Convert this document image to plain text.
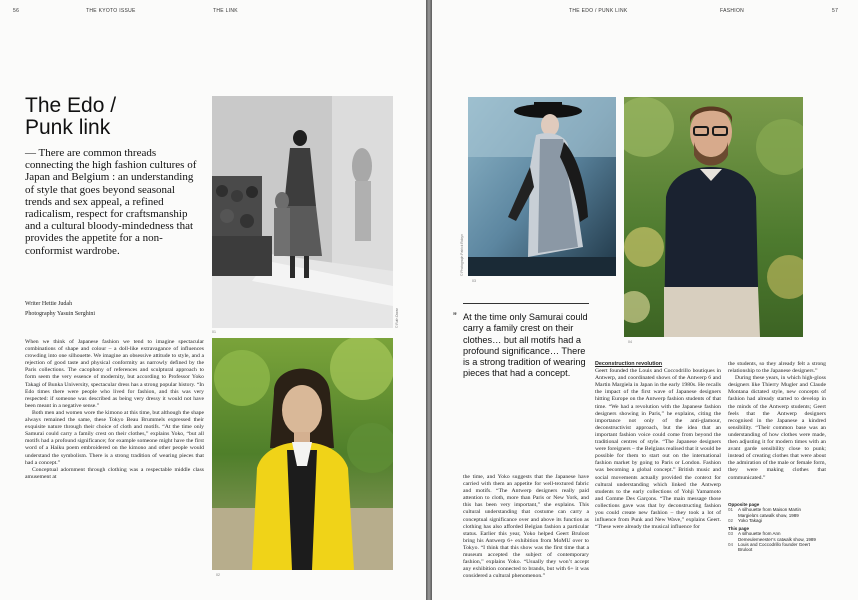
56	THE KYOTO ISSUE	THE LINK
The Edo /
Punk link
— There are common threads connecting the high fashion cultures of Japan and Belgium : an understanding of style that goes beyond seasonal trends and sex appeal, a refined radicalism, respect for craftsmanship and a cultural bloody-mindedness that provides the appetite for a non-conformist wardrobe.
Writer Hettie Judah
Photography Yasuin Serghini

When we think of Japanese fashion we tend to imagine spectacular combinations of shape and colour – a doll-like extravagance of influences crowding into one silhouette. We imagine an obsessive attitude to style, and a rejection of good taste and physical conformity as narrowly defined by the Paris collections. The cacophony of references and sculptural approach to form seem the very essence of modernity, but according to Professor Yoko Takagi of Bunka University, spectacular dress has a strong popular history. “In Edo times there were people who lived for fashion, and this was very respected: if someone was described as being very dressy it would not have been meant in a negative sense.”

Both men and women wore the kimono at this time, but although the shape always remained the same, these Tokyo Beau Brummels expressed their exquisite nature through their choice of cloth and motifs. “At the time only Samurai could carry a family crest on their clothes,” explains Yoko, “but all motifs had a profound significance; for example someone might have the first word of a Haiku poem embroidered on the kimono and other people would understand the symbolism. There is a strong tradition of wearing pieces that had a concept.”

Conceptual adornment through clothing was a respectable middle class amusement at

01
© Ruth Doran
02
THE EDO / PUNK LINK	FASHION	57
03
© Photograph Patrick Robyn
04
” At the time only Samurai could carry a family crest on their clothes… but all motifs had a profound significance… There is a strong tradition of wearing pieces that had a concept.

the time, and Yoko suggests that the Japanese have carried with them an appetite for well-textured fabric and motifs. “The Antwerp designers really paid attention to cloth, more than Paris or New York, and this has been very important,” she explains. This cultural understanding that costume can carry a conceptual significance over and above its function as clothing has also afforded Belgian fashion a particular status. Earlier this year, Yoko helped Geert Bruloot bring his Antwerp 6+ exhibition from MoMU over to Tokyo. “I think that this show was the first time that a museum accepted the subject of contemporary fashion,” explains Yoko. “Usually they won’t accept any exhibition connected to brands, but with 6+ it was considered a cultural phenomenon.”

Deconstruction revolution

Geert founded the Louis and Coccodrillo boutiques in Antwerp, and coordinated shows of the Antwerp 6 and Martin Margiela in Japan in the early 1980s. He recalls the impact of the first wave of Japanese designers hitting Europe on the Antwerp fashion students of that time. “We had a revolution with the Japanese fashion designers showing in Paris,” he explains, citing the importance not only of the anti-glamour, deconstructivist approach, but the idea that an important fashion voice could come from beyond the traditional centres of style. “The Japanese designers were foreigners – the Belgians realised that it would be possible for them to start out on the international fashion market by going to Paris or London. Fashion was becoming a global concept.” British music and social movements actually provided the context for cultural understanding which linked the Antwerp students to the early collections of Yohji Yamamoto and Comme Des Garçons. “The main message those collections gave was that by deconstructing fashion you could create new fashion – they took a lot of influence from Punk and New Wave,” explains Geert. “These were already the musical influence for

the students, so they already felt a strong relationship to the Japanese designers.”

During these years, in which high-gloss designers like Thierry Mugler and Claude Montana dictated style, new concepts of fashion had already started to develop in the minds of the Antwerp students; Geert feels that the Antwerp designers recognised in the Japanese a kindred sensibility. “Their common base was an understanding of how clothes were made, then adjusting it for modern times with an avant garde sensibility close to punk; instead of creating clothes that were about the admiration of the male or female form, they were making clothes that communicated.”

Opposite page
01	A silhouette from Maison Martin Margiela’s catwalk show, 1989
02	Yoko Takagi
This page
03	A silhouette from Ann Demeulemeester’s catwalk show, 1989
04	Louis and Coccodrillo founder Geert Bruloot
